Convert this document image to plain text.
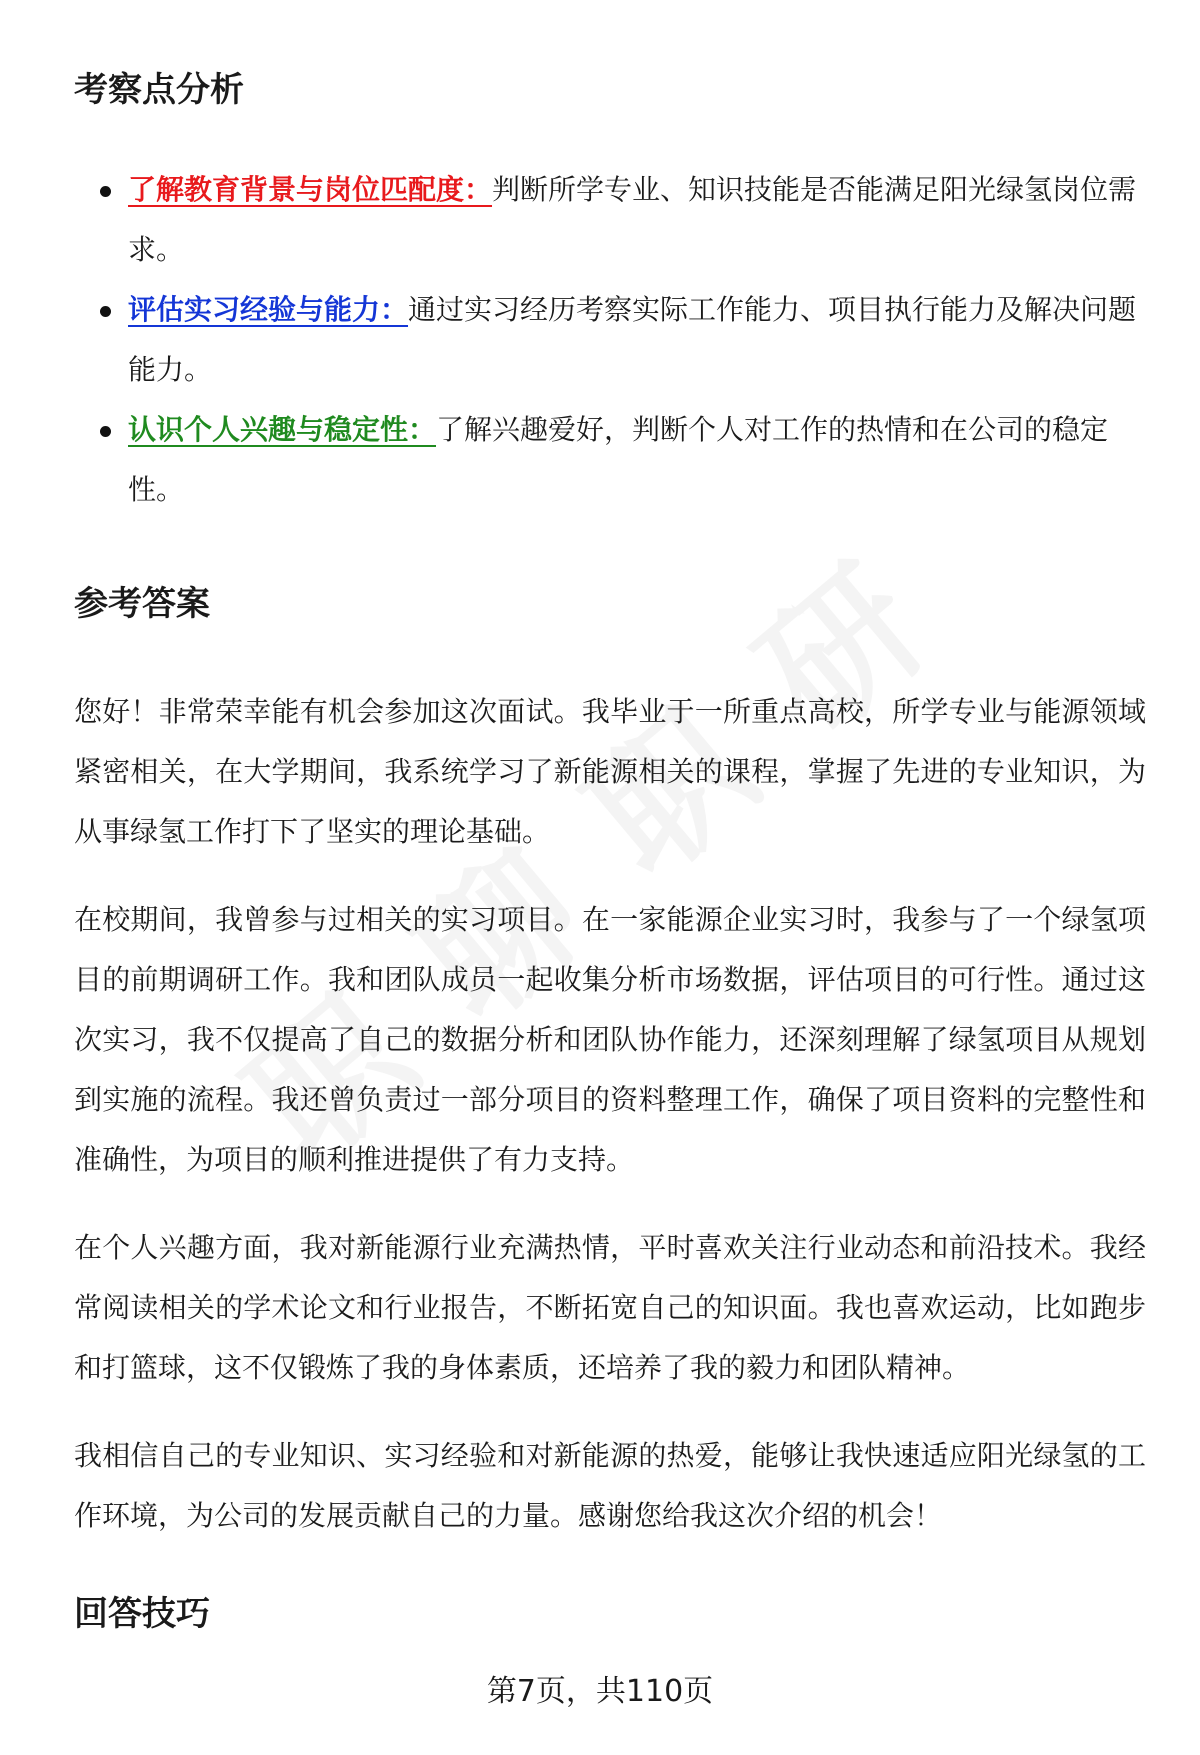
考察点分析
了解教育背景与岗位匹配度：判断所学专业、知识技能是否能满足阳光绿氢岗位需求。
评估实习经验与能力：通过实习经历考察实际工作能力、项目执行能力及解决问题能力。
认识个人兴趣与稳定性：了解兴趣爱好，判断个人对工作的热情和在公司的稳定性。
参考答案

您好！非常荣幸能有机会参加这次面试。我毕业于一所重点高校，所学专业与能源领域紧密相关，在大学期间，我系统学习了新能源相关的课程，掌握了先进的专业知识，为从事绿氢工作打下了坚实的理论基础。

在校期间，我曾参与过相关的实习项目。在一家能源企业实习时，我参与了一个绿氢项目的前期调研工作。我和团队成员一起收集分析市场数据，评估项目的可行性。通过这次实习，我不仅提高了自己的数据分析和团队协作能力，还深刻理解了绿氢项目从规划到实施的流程。我还曾负责过一部分项目的资料整理工作，确保了项目资料的完整性和准确性，为项目的顺利推进提供了有力支持。

在个人兴趣方面，我对新能源行业充满热情，平时喜欢关注行业动态和前沿技术。我经常阅读相关的学术论文和行业报告，不断拓宽自己的知识面。我也喜欢运动，比如跑步和打篮球，这不仅锻炼了我的身体素质，还培养了我的毅力和团队精神。

我相信自己的专业知识、实习经验和对新能源的热爱，能够让我快速适应阳光绿氢的工作环境，为公司的发展贡献自己的力量。感谢您给我这次介绍的机会！

回答技巧
第7页，共110页
